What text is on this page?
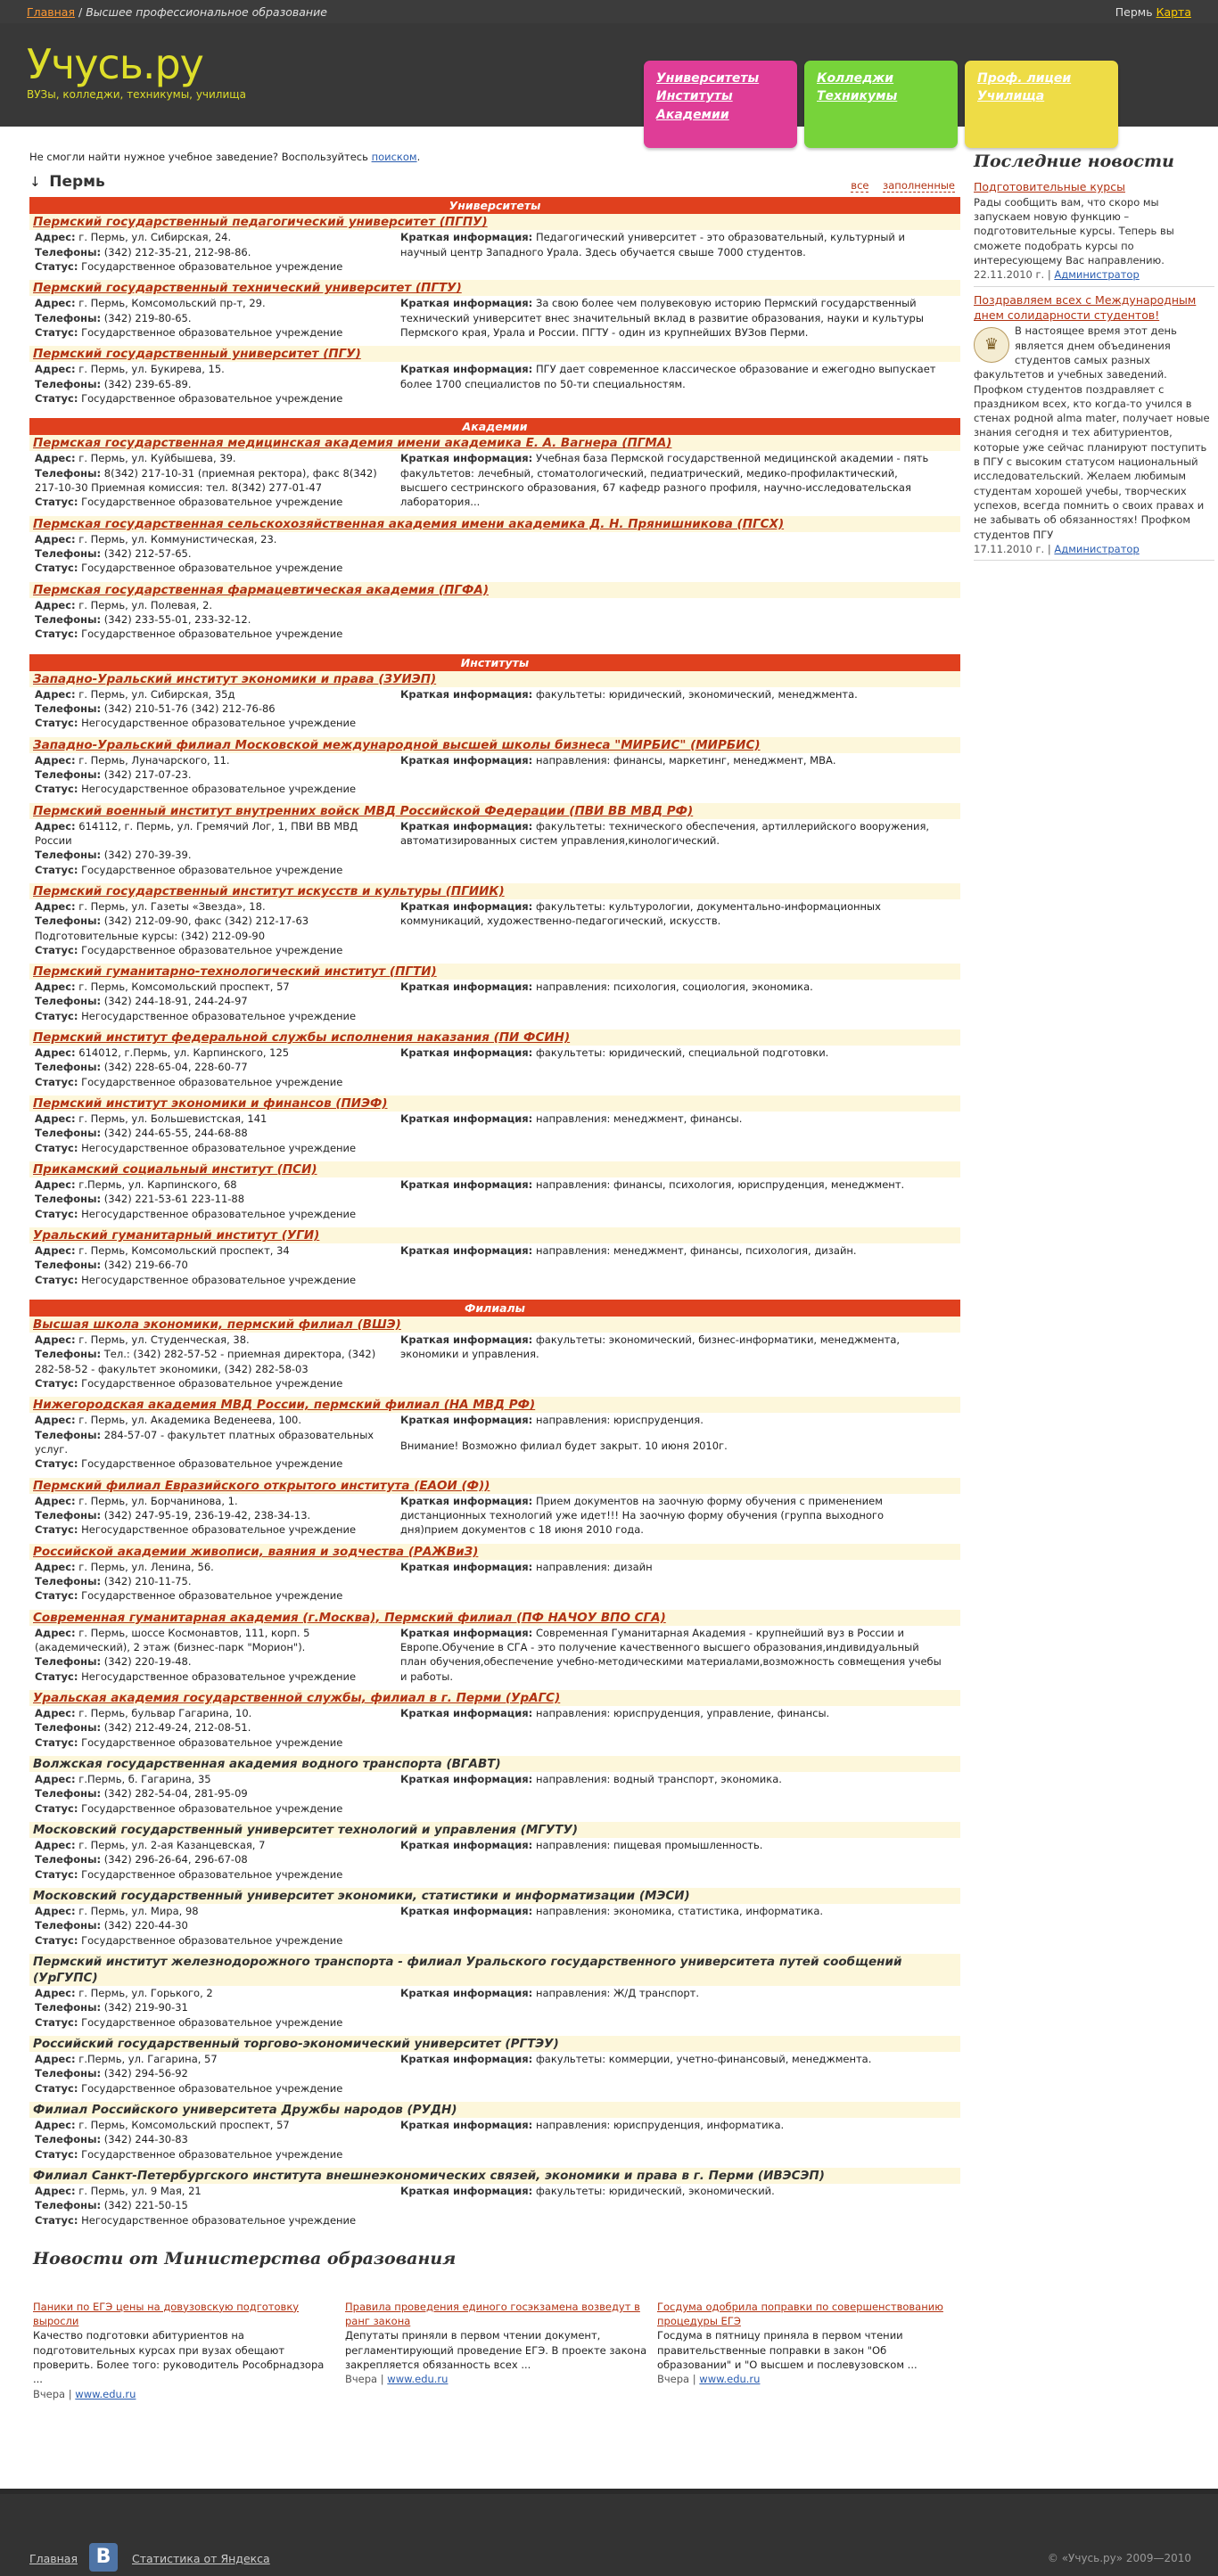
Главная / Высшее профессиональное образование	Пермь Карта
Учусь.ру
ВУЗы, колледжи, техникумы, училища
Университеты Институты Академии
Колледжи Техникумы
Проф. лицеи Училища
Не смогли найти нужное учебное заведение? Воспользуйтесь поиском.
↓ Пермь	все заполненные
Университеты
Пермский государственный педагогический университет (ПГПУ)
Адрес: г. Пермь, ул. Сибирская, 24.
Телефоны: (342) 212-35-21, 212-98-86.
Статус: Государственное образовательное учреждение
Краткая информация: Педагогический университет - это образовательный, культурный и научный центр Западного Урала. Здесь обучается свыше 7000 студентов.
Пермский государственный технический университет (ПГТУ)
Адрес: г. Пермь, Комсомольский пр-т, 29.
Телефоны: (342) 219-80-65.
Статус: Государственное образовательное учреждение
Краткая информация: За свою более чем полувековую историю Пермский государственный технический университет внес значительный вклад в развитие образования, науки и культуры Пермского края, Урала и России. ПГТУ - один из крупнейших ВУЗов Перми.
Пермский государственный университет (ПГУ)
Адрес: г. Пермь, ул. Букирева, 15.
Телефоны: (342) 239-65-89.
Статус: Государственное образовательное учреждение
Краткая информация: ПГУ дает современное классическое образование и ежегодно выпускает более 1700 специалистов по 50-ти специальностям.
Академии
Пермская государственная медицинская академия имени академика Е. А. Вагнера (ПГМА)
Адрес: г. Пермь, ул. Куйбышева, 39.
Телефоны: 8(342) 217-10-31 (приемная ректора), факс 8(342) 217-10-30 Приемная комиссия: тел. 8(342) 277-01-47
Статус: Государственное образовательное учреждение
Краткая информация: Учебная база Пермской государственной медицинской академии - пять факультетов: лечебный, стоматологический, педиатрический, медико-профилактический, высшего сестринского образования, 67 кафедр разного профиля, научно-исследовательская лаборатория...
Пермская государственная сельскохозяйственная академия имени академика Д. Н. Прянишникова (ПГСХ)
Адрес: г. Пермь, ул. Коммунистическая, 23.
Телефоны: (342) 212-57-65.
Статус: Государственное образовательное учреждение
Пермская государственная фармацевтическая академия (ПГФА)
Адрес: г. Пермь, ул. Полевая, 2.
Телефоны: (342) 233-55-01, 233-32-12.
Статус: Государственное образовательное учреждение
Институты
Западно-Уральский институт экономики и права (ЗУИЭП)
Адрес: г. Пермь, ул. Сибирская, 35д
Телефоны: (342) 210-51-76 (342) 212-76-86
Статус: Негосударственное образовательное учреждение
Краткая информация: факультеты: юридический, экономический, менеджмента.
Западно-Уральский филиал Московской международной высшей школы бизнеса "МИРБИС" (МИРБИС)
Адрес: г. Пермь, Луначарского, 11.
Телефоны: (342) 217-07-23.
Статус: Негосударственное образовательное учреждение
Краткая информация: направления: финансы, маркетинг, менеджмент, МВА.
Пермский военный институт внутренних войск МВД Российской Федерации (ПВИ ВВ МВД РФ)
Адрес: 614112, г. Пермь, ул. Гремячий Лог, 1, ПВИ ВВ МВД России
Телефоны: (342) 270-39-39.
Статус: Государственное образовательное учреждение
Краткая информация: факультеты: технического обеспечения, артиллерийского вооружения, автоматизированных систем управления,кинологический.
Пермский государственный институт искусств и культуры (ПГИИК)
Адрес: г. Пермь, ул. Газеты «Звезда», 18.
Телефоны: (342) 212-09-90, факс (342) 212-17-63 Подготовительные курсы: (342) 212-09-90
Статус: Государственное образовательное учреждение
Краткая информация: факультеты: культурологии, документально-информационных коммуникаций, художественно-педагогический, искусств.
Пермский гуманитарно-технологический институт (ПГТИ)
Адрес: г. Пермь, Комсомольский проспект, 57
Телефоны: (342) 244-18-91, 244-24-97
Статус: Негосударственное образовательное учреждение
Краткая информация: направления: психология, социология, экономика.
Пермский институт федеральной службы исполнения наказания (ПИ ФСИН)
Адрес: 614012, г.Пермь, ул. Карпинского, 125
Телефоны: (342) 228-65-04, 228-60-77
Статус: Государственное образовательное учреждение
Краткая информация: факультеты: юридический, специальной подготовки.
Пермский институт экономики и финансов (ПИЭФ)
Адрес: г. Пермь, ул. Большевистская, 141
Телефоны: (342) 244-65-55, 244-68-88
Статус: Негосударственное образовательное учреждение
Краткая информация: направления: менеджмент, финансы.
Прикамский социальный институт (ПСИ)
Адрес: г.Пермь, ул. Карпинского, 68
Телефоны: (342) 221-53-61 223-11-88
Статус: Негосударственное образовательное учреждение
Краткая информация: направления: финансы, психология, юриспруденция, менеджмент.
Уральский гуманитарный институт (УГИ)
Адрес: г. Пермь, Комсомольский проспект, 34
Телефоны: (342) 219-66-70
Статус: Негосударственное образовательное учреждение
Краткая информация: направления: менеджмент, финансы, психология, дизайн.
Филиалы
Высшая школа экономики, пермский филиал (ВШЭ)
Адрес: г. Пермь, ул. Студенческая, 38.
Телефоны: Тел.: (342) 282-57-52 - приемная директора, (342) 282-58-52 - факультет экономики, (342) 282-58-03
Статус: Государственное образовательное учреждение
Краткая информация: факультеты: экономический, бизнес-информатики, менеджмента, экономики и управления.
Нижегородская академия МВД России, пермский филиал (НА МВД РФ)
Адрес: г. Пермь, ул. Академика Веденеева, 100.
Телефоны: 284-57-07 - факультет платных образовательных услуг.
Статус: Государственное образовательное учреждение
Краткая информация: направления: юриспруденция.
Внимание! Возможно филиал будет закрыт. 10 июня 2010г.
Пермский филиал Евразийского открытого института (ЕАОИ (Ф))
Адрес: г. Пермь, ул. Борчанинова, 1.
Телефоны: (342) 247-95-19, 236-19-42, 238-34-13.
Статус: Негосударственное образовательное учреждение
Краткая информация: Прием документов на заочную форму обучения с применением дистанционных технологий уже идет!!! На заочную форму обучения (группа выходного дня)прием документов с 18 июня 2010 года.
Российской академии живописи, ваяния и зодчества (РАЖВиЗ)
Адрес: г. Пермь, ул. Ленина, 56.
Телефоны: (342) 210-11-75.
Статус: Государственное образовательное учреждение
Краткая информация: направления: дизайн
Современная гуманитарная академия (г.Москва), Пермский филиал (ПФ НАЧОУ ВПО СГА)
Адрес: г. Пермь, шоссе Космонавтов, 111, корп. 5 (академический), 2 этаж (бизнес-парк "Морион").
Телефоны: (342) 220-19-48.
Статус: Негосударственное образовательное учреждение
Краткая информация: Современная Гуманитарная Академия - крупнейший вуз в России и Европе.Обучение в СГА - это получение качественного высшего образования,индивидуальный план обучения,обеспечение учебно-методическими материалами,возможность совмещения учебы и работы.
Уральская академия государственной службы, филиал в г. Перми (УрАГС)
Адрес: г. Пермь, бульвар Гагарина, 10.
Телефоны: (342) 212-49-24, 212-08-51.
Статус: Государственное образовательное учреждение
Краткая информация: направления: юриспруденция, управление, финансы.
Волжская государственная академия водного транспорта (ВГАВТ)
Адрес: г.Пермь, б. Гагарина, 35
Телефоны: (342) 282-54-04, 281-95-09
Статус: Государственное образовательное учреждение
Краткая информация: направления: водный транспорт, экономика.
Московский государственный университет технологий и управления (МГУТУ)
Адрес: г. Пермь, ул. 2-ая Казанцевская, 7
Телефоны: (342) 296-26-64, 296-67-08
Статус: Государственное образовательное учреждение
Краткая информация: направления: пищевая промышленность.
Московский государственный университет экономики, статистики и информатизации (МЭСИ)
Адрес: г. Пермь, ул. Мира, 98
Телефоны: (342) 220-44-30
Статус: Государственное образовательное учреждение
Краткая информация: направления: экономика, статистика, информатика.
Пермский институт железнодорожного транспорта - филиал Уральского государственного университета путей сообщений (УрГУПС)
Адрес: г. Пермь, ул. Горького, 2
Телефоны: (342) 219-90-31
Статус: Государственное образовательное учреждение
Краткая информация: направления: Ж/Д транспорт.
Российский государственный торгово-экономический университет (РГТЭУ)
Адрес: г.Пермь, ул. Гагарина, 57
Телефоны: (342) 294-56-92
Статус: Государственное образовательное учреждение
Краткая информация: факультеты: коммерции, учетно-финансовый, менеджмента.
Филиал Российского университета Дружбы народов (РУДН)
Адрес: г. Пермь, Комсомольский проспект, 57
Телефоны: (342) 244-30-83
Статус: Государственное образовательное учреждение
Краткая информация: направления: юриспруденция, информатика.
Филиал Санкт-Петербургского института внешнеэкономических связей, экономики и права в г. Перми (ИВЭСЭП)
Адрес: г. Пермь, ул. 9 Мая, 21
Телефоны: (342) 221-50-15
Статус: Негосударственное образовательное учреждение
Краткая информация: факультеты: юридический, экономический.
Новости от Министерства образования
Паники по ЕГЭ цены на довузовскую подготовку выросли
Качество подготовки абитуриентов на подготовительных курсах при вузах обещают проверить. Более того: руководитель Рособрнадзора ...
Вчера | www.edu.ru
Правила проведения единого госэкзамена возведут в ранг закона
Депутаты приняли в первом чтении документ, регламентирующий проведение ЕГЭ. В проекте закона закрепляется обязанность всех ...
Вчера | www.edu.ru
Госдума одобрила поправки по совершенствованию процедуры ЕГЭ
Госдума в пятницу приняла в первом чтении правительственные поправки в закон "Об образовании" и "О высшем и послевузовском ...
Вчера | www.edu.ru
Последние новости
Подготовительные курсы
Рады сообщить вам, что скоро мы запускаем новую функцию – подготовительные курсы. Теперь вы сможете подобрать курсы по интересующему Вас направлению.
22.11.2010 г. | Администратор
Поздравляем всех с Международным днем солидарности студентов!
♛
В настоящее время этот день является днем объединения студентов самых разных факультетов и учебных заведений. Профком студентов поздравляет с праздником всех, кто когда-то учился в стенах родной alma mater, получает новые знания сегодня и тех абитуриентов, которые уже сейчас планируют поступить в ПГУ с высоким статусом национальный исследовательский. Желаем любимым студентам хорошей учебы, творческих успехов, всегда помнить о своих правах и не забывать об обязанностях! Профком студентов ПГУ
17.11.2010 г. | Администратор
Главная В	Статистика от Яндекса	© «Учусь.ру» 2009—2010
